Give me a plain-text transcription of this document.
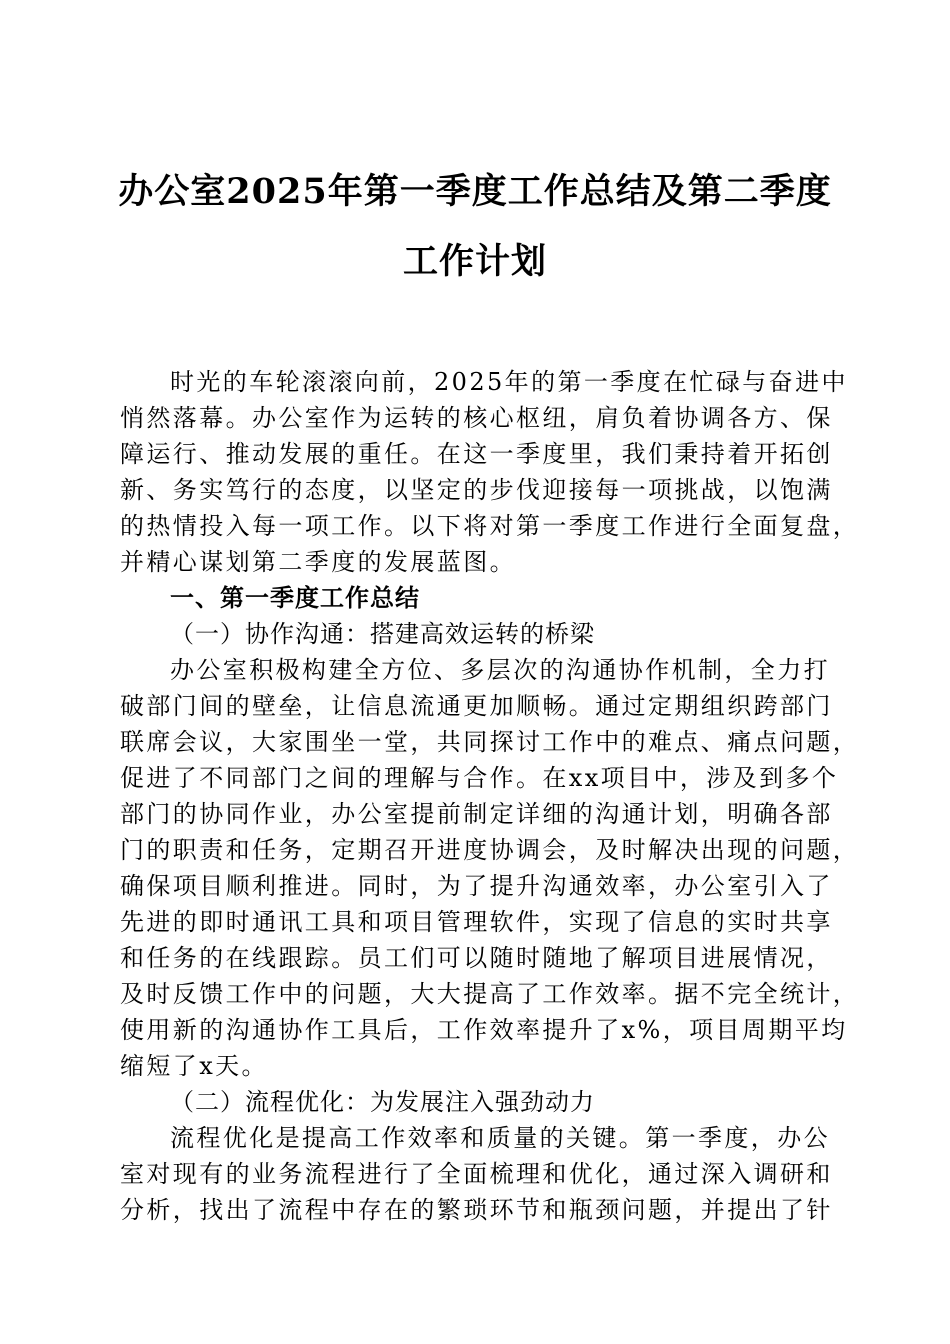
办公室2025年第一季度工作总结及第二季度
工作计划
时光的车轮滚滚向前，2025年的第一季度在忙碌与奋进中
悄然落幕。办公室作为运转的核心枢纽，肩负着协调各方、保
障运行、推动发展的重任。在这一季度里，我们秉持着开拓创
新、务实笃行的态度，以坚定的步伐迎接每一项挑战，以饱满
的热情投入每一项工作。以下将对第一季度工作进行全面复盘，
并精心谋划第二季度的发展蓝图。
一、第一季度工作总结
（一）协作沟通：搭建高效运转的桥梁
办公室积极构建全方位、多层次的沟通协作机制，全力打
破部门间的壁垒，让信息流通更加顺畅。通过定期组织跨部门
联席会议，大家围坐一堂，共同探讨工作中的难点、痛点问题，
促进了不同部门之间的理解与合作。在xx项目中，涉及到多个
部门的协同作业，办公室提前制定详细的沟通计划，明确各部
门的职责和任务，定期召开进度协调会，及时解决出现的问题，
确保项目顺利推进。同时，为了提升沟通效率，办公室引入了
先进的即时通讯工具和项目管理软件，实现了信息的实时共享
和任务的在线跟踪。员工们可以随时随地了解项目进展情况，
及时反馈工作中的问题，大大提高了工作效率。据不完全统计，
使用新的沟通协作工具后，工作效率提升了x%，项目周期平均
缩短了x天。
（二）流程优化：为发展注入强劲动力
流程优化是提高工作效率和质量的关键。第一季度，办公
室对现有的业务流程进行了全面梳理和优化，通过深入调研和
分析，找出了流程中存在的繁琐环节和瓶颈问题，并提出了针
